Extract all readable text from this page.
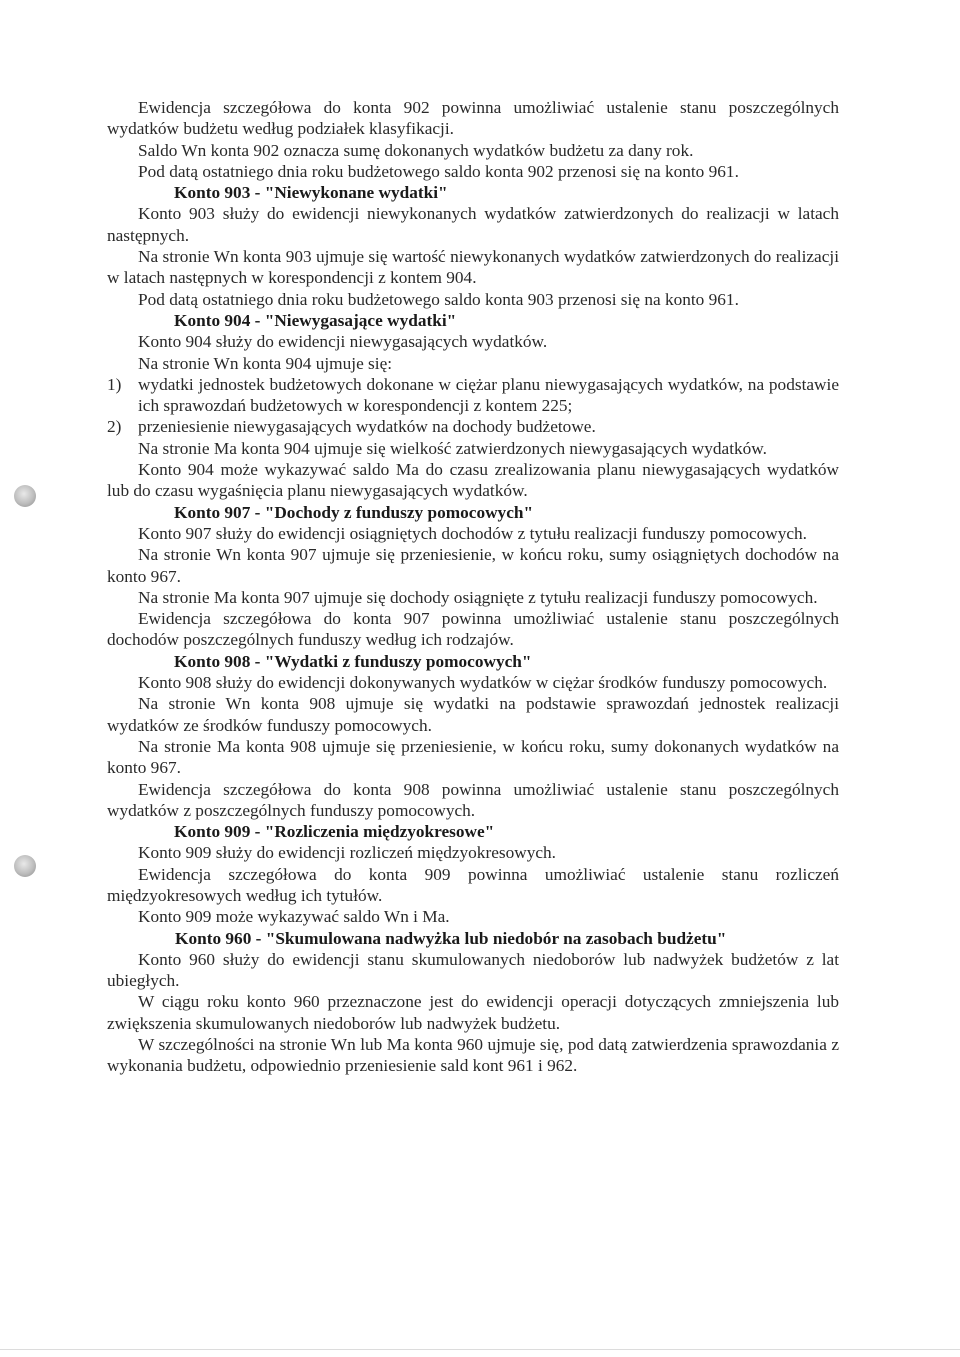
Ewidencja szczegółowa do konta 902 powinna umożliwiać ustalenie stanu poszczególnych wydatków budżetu według podziałek klasyfikacji.

Saldo Wn konta 902 oznacza sumę dokonanych wydatków budżetu za dany rok.

Pod datą ostatniego dnia roku budżetowego saldo konta 902 przenosi się na konto 961.

Konto 903 - "Niewykonane wydatki"

Konto 903 służy do ewidencji niewykonanych wydatków zatwierdzonych do realizacji w latach następnych.

Na stronie Wn konta 903 ujmuje się wartość niewykonanych wydatków zatwierdzonych do realizacji w latach następnych w korespondencji z kontem 904.

Pod datą ostatniego dnia roku budżetowego saldo konta 903 przenosi się na konto 961.

Konto 904 - "Niewygasające wydatki"

Konto 904 służy do ewidencji niewygasających wydatków.

Na stronie Wn konta 904 ujmuje się:

1) wydatki jednostek budżetowych dokonane w ciężar planu niewygasających wydatków, na podstawie ich sprawozdań budżetowych w korespondencji z kontem 225;
2) przeniesienie niewygasających wydatków na dochody budżetowe.

Na stronie Ma konta 904 ujmuje się wielkość zatwierdzonych niewygasających wydatków.

Konto 904 może wykazywać saldo Ma do czasu zrealizowania planu niewygasających wydatków lub do czasu wygaśnięcia planu niewygasających wydatków.

Konto 907 - "Dochody z funduszy pomocowych"

Konto 907 służy do ewidencji osiągniętych dochodów z tytułu realizacji funduszy pomocowych.

Na stronie Wn konta 907 ujmuje się przeniesienie, w końcu roku, sumy osiągniętych dochodów na konto 967.

Na stronie Ma konta 907 ujmuje się dochody osiągnięte z tytułu realizacji funduszy pomocowych.

Ewidencja szczegółowa do konta 907 powinna umożliwiać ustalenie stanu poszczególnych dochodów poszczególnych funduszy według ich rodzajów.

Konto 908 - "Wydatki z funduszy pomocowych"

Konto 908 służy do ewidencji dokonywanych wydatków w ciężar środków funduszy pomocowych.

Na stronie Wn konta 908 ujmuje się wydatki na podstawie sprawozdań jednostek realizacji wydatków ze środków funduszy pomocowych.

Na stronie Ma konta 908 ujmuje się przeniesienie, w końcu roku, sumy dokonanych wydatków na konto 967.

Ewidencja szczegółowa do konta 908 powinna umożliwiać ustalenie stanu poszczególnych wydatków z poszczególnych funduszy pomocowych.

Konto 909 - "Rozliczenia międzyokresowe"

Konto 909 służy do ewidencji rozliczeń międzyokresowych.

Ewidencja szczegółowa do konta 909 powinna umożliwiać ustalenie stanu rozliczeń międzyokresowych według ich tytułów.

Konto 909 może wykazywać saldo Wn i Ma.

Konto 960 - "Skumulowana nadwyżka lub niedobór na zasobach budżetu"

Konto 960 służy do ewidencji stanu skumulowanych niedoborów lub nadwyżek budżetów z lat ubiegłych.

W ciągu roku konto 960 przeznaczone jest do ewidencji operacji dotyczących zmniejszenia lub zwiększenia skumulowanych niedoborów lub nadwyżek budżetu.

W szczególności na stronie Wn lub Ma konta 960 ujmuje się, pod datą zatwierdzenia sprawozdania z wykonania budżetu, odpowiednio przeniesienie sald kont 961 i 962.
